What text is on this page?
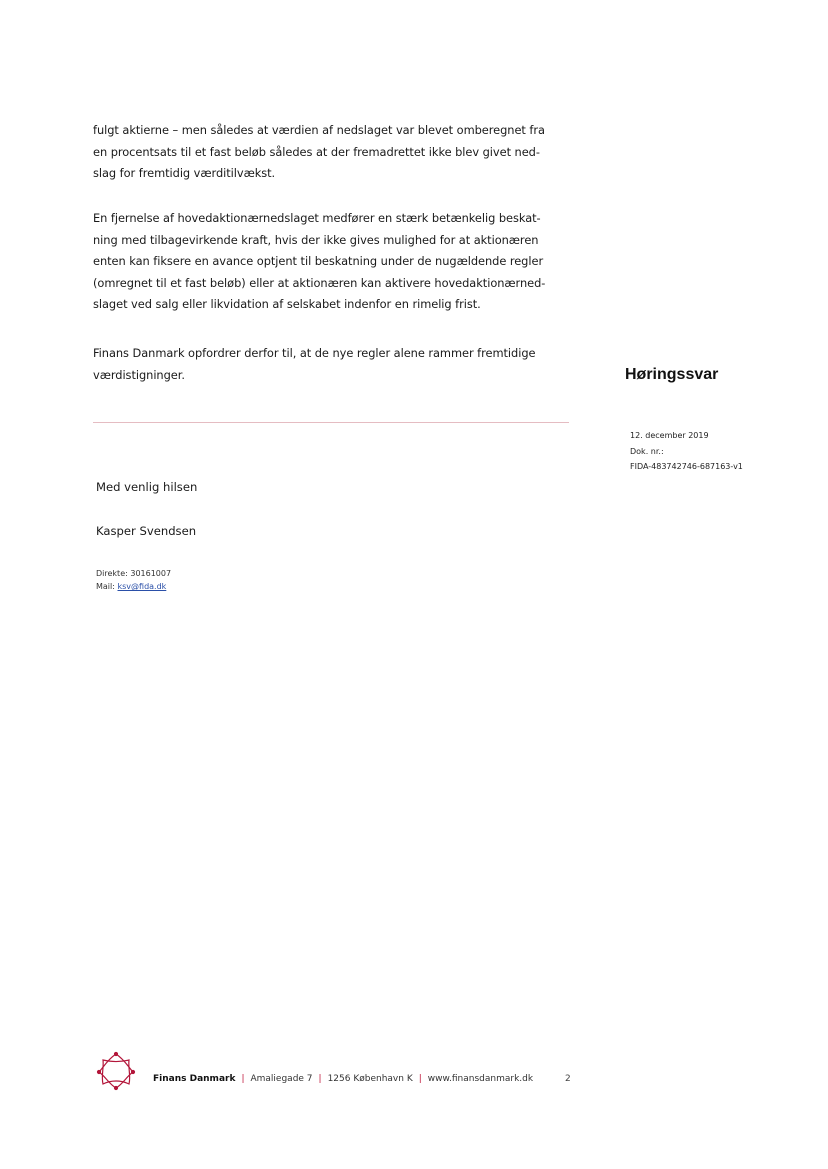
fulgt aktierne – men således at værdien af nedslaget var blevet omberegnet fra
en procentsats til et fast beløb således at der fremadrettet ikke blev givet ned-
slag for fremtidig værditilvækst.

En fjernelse af hovedaktionærnedslaget medfører en stærk betænkelig beskat-
ning med tilbagevirkende kraft, hvis der ikke gives mulighed for at aktionæren
enten kan fiksere en avance optjent til beskatning under de nugældende regler
(omregnet til et fast beløb) eller at aktionæren kan aktivere hovedaktionærned-
slaget ved salg eller likvidation af selskabet indenfor en rimelig frist.

Finans Danmark opfordrer derfor til, at de nye regler alene rammer fremtidige
værdistigninger.	Høringssvar
12. december 2019
Dok. nr.:
FIDA-483742746-687163-v1
Med venlig hilsen
Kasper Svendsen
Direkte: 30161007
Mail: ksv@fida.dk
Finans Danmark | Amaliegade 7 | 1256 København K | www.finansdanmark.dk	2
